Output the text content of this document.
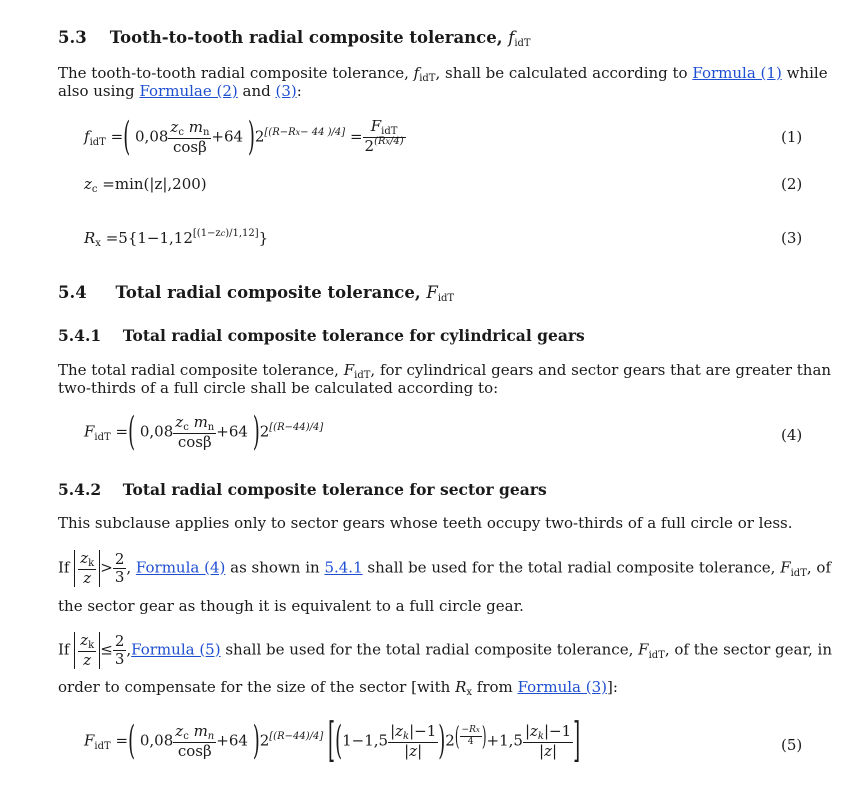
5.3 Tooth-to-tooth radial composite tolerance, fidT
The tooth-to-tooth radial composite tolerance, $f_{idT}$, shall be calculated according to Formula (1) while
also using Formulae (2) and (3):
$f_{idT}$ =( $0,08 \frac{z_c m_n}{\cos\beta} +64$ )$2[(R-Rx- 44 )/4] = \frac{F_{idT}}{2^{(Rx/4)}}$	(1)
$z_c =\min(|z|,200)$	(2)
$R_x =5\{1-1,12[(1-zc)/1,12]\}$	(3)
5.4 Total radial composite tolerance, FidT
5.4.1 Total radial composite tolerance for cylindrical gears
The total radial composite tolerance, $F_{idT}$, for cylindrical gears and sector gears that are greater than
two-thirds of a full circle shall be calculated according to:
$F_{idT}$ =( $0,08 \frac{z_c m_n}{\cos\beta} +64$ )2[(R−44)/4]	(4)
5.4.2 Total radial composite tolerance for sector gears
This subclause applies only to sector gears whose teeth occupy two-thirds of a full circle or less.
If $\frac{z_k}{z} > \frac{2}{3}$ , Formula (4) as shown in 5.4.1 shall be used for the total radial composite tolerance, $F_{idT}$, of
the sector gear as though it is equivalent to a full circle gear.
If $\frac{z_k}{z} \le \frac{2}{3}$ ,Formula (5) shall be used for the total radial composite tolerance, $F_{idT}$, of the sector gear, in
order to compensate for the size of the sector [with $R_x$ from Formula (3)]:
$F_{idT}$ =( $0,08 \frac{z_c m_n}{\cos\beta} +64$ )2[(R−44)/4] [$(1-1,5 \frac{|z_k|-1}{|z|} )2^{( \frac{-Rx}{4} )}+1,5 \frac{|z_k|-1}{|z|}$ ]	(5)
